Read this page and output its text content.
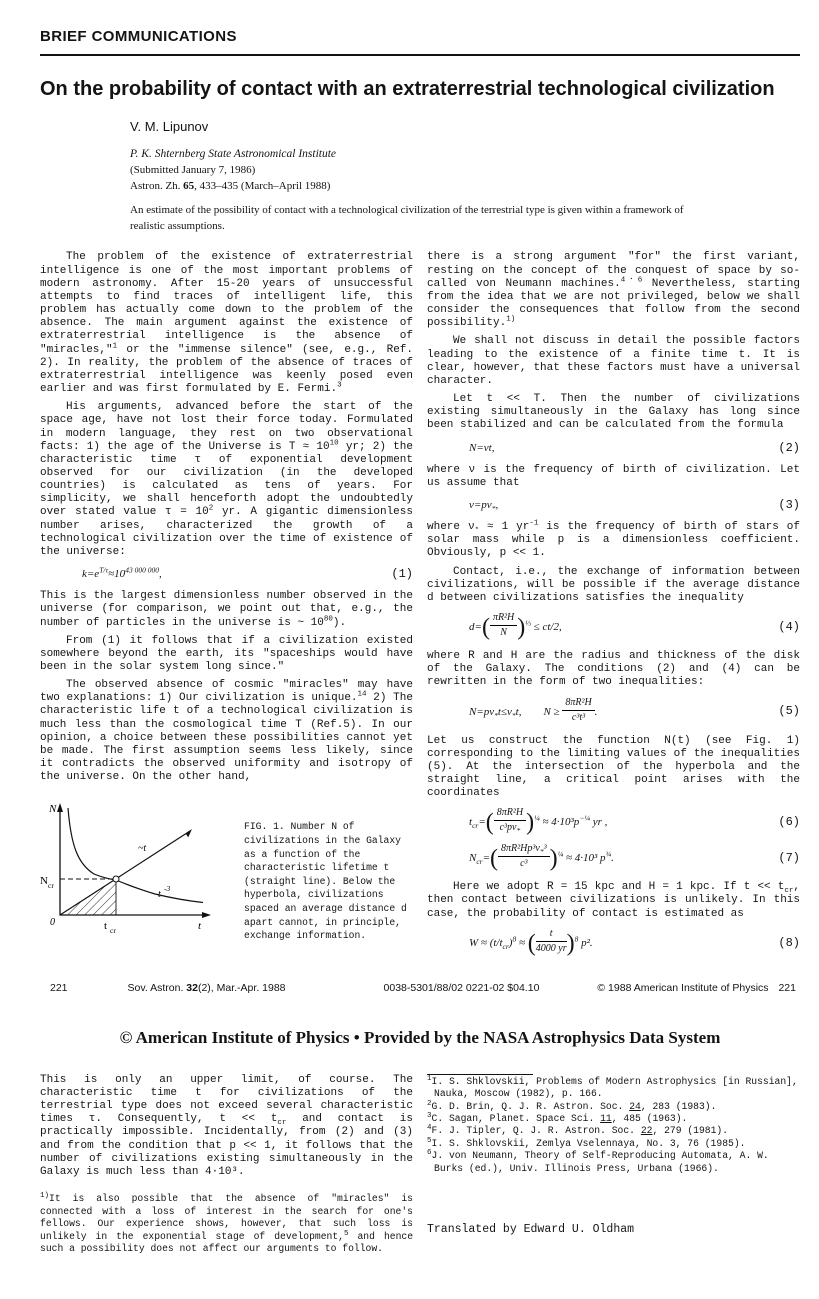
BRIEF COMMUNICATIONS
On the probability of contact with an extraterrestrial technological civilization
V. M. Lipunov
P. K. Shternberg State Astronomical Institute
(Submitted January 7, 1986)
Astron. Zh. 65, 433–435 (March–April 1988)
An estimate of the possibility of contact with a technological civilization of the terrestrial type is given within a framework of realistic assumptions.

The problem of the existence of extraterrestrial intelligence is one of the most important problems of modern astronomy. After 15-20 years of unsuccessful attempts to find traces of intelligent life, this problem has actually come down to the problem of the absence. The main argument against the existence of extraterrestrial intelligence is the absence of "miracles,"$^1$ or the "immense silence" (see, e.g., Ref. 2). In reality, the problem of the absence of traces of extraterrestrial intelligence was keenly posed even earlier and was first formulated by E. Fermi.$^3$

His arguments, advanced before the start of the space age, have not lost their force today. Formulated in modern language, they rest on two observational facts: 1) the age of the Universe is $T \approx 10^{10}$ yr; 2) the characteristic time τ of exponential development observed for our civilization (in the developed countries) is calculated as tens of years. For simplicity, we shall henceforth adopt the undoubtedly over stated value $\tau = 10^2$ yr. A gigantic dimensionless number arises, characterized the growth of a technological civilization over the time of existence of the universe:

$k=e^{T/\tau}\approx 10^{43 000 000}$,	(1)

This is the largest dimensionless number observed in the universe (for comparison, we point out that, e.g., the number of particles in the universe is ~ $10^{80}$).

From (1) it follows that if a civilization existed somewhere beyond the earth, its "spaceships would have been in the solar system long since."

The observed absence of cosmic "miracles" may have two explanations: 1) Our civilization is unique.$^{14}$ 2) The characteristic life t of a technological civilization is much less than the cosmological time T (Ref.5). In our opinion, a choice between these possibilities cannot yet be made. The first assumption seems less likely, since it contradicts the observed uniformity and isotropy of the universe. On the other hand,

N
t
0
N cr
t cr
~t
t
-3
FIG. 1. Number N of civilizations in the Galaxy as a function of the characteristic lifetime t (straight line). Below the hyperbola, civilizations spaced an average distance d apart cannot, in principle, exchange information.

there is a strong argument "for" the first variant, resting on the concept of the conquest of space by so-called von Neumann machines.$^4$˙$^6$ Nevertheless, starting from the idea that we are not privileged, below we shall consider the consequences that follow from the second possibility.$^{1)}$

We shall not discuss in detail the possible factors leading to the existence of a finite time t. It is clear, however, that these factors must have a universal character.

Let t << T. Then the number of civilizations existing simultaneously in the Galaxy has long since been stabilized and can be calculated from the formula

N=νt,	(2)

where ν is the frequency of birth of civilization. Let us assume that

$\nu=p\nu_*$,	(3)

where $\nu_* \approx 1$ $yr^{-1}$ is the frequency of birth of stars of solar mass while p is a dimensionless coefficient. Obviously, p << 1.

Contact, i.e., the exchange of information between civilizations, will be possible if the average distance d between civilizations satisfies the inequality

$d=( \frac{\text{πR²H}}{N} )^{\frac{1}{3}} \le ct/2$,	(4)

where R and H are the radius and thickness of the disk of the Galaxy. The conditions (2) and (4) can be rewritten in the form of two inequalities:

$N=p\nu_*t\le\nu_*t$,  $N \ge \frac{\text{8πR²H}}{\text{c³t³}}$ .	(5)

Let us construct the function N(t) (see Fig. 1) corresponding to the limiting values of the inequalities (5). At the intersection of the hyperbola and the straight line, a critical point arises with the coordinates

$t_{cr}=( \frac{\text{8πR²H}}{c^3p\nu_*} )^{\frac{1}{4}} \approx 4\cdot 10^3p^{-\frac{1}{4}}$ yr ,	(6)
$N_{cr}=( \frac{8\pi R^2Hp^3\nu_*^3}{\text{c³}} )^{\frac{1}{4}} \approx 4\cdot 10^3$ $p^{\frac{3}{4}}$.	(7)

Here we adopt R = 15 kpc and H = 1 kpc. If $t << t_{cr}$, then contact between civilizations is unlikely. In this case, the probability of contact is estimated as

$W \approx (t/t_{cr})^8$ ≈ ( $\frac{t}{4000 yr} )^8$ p².	(8)
221	Sov. Astron. 32(2), Mar.-Apr. 1988	0038-5301/88/02 0221-02 $04.10	© 1988 American Institute of Physics 221
© American Institute of Physics • Provided by the NASA Astrophysics Data System

This is only an upper limit, of course. The characteristic time t for civilizations of the terrestrial type does not exceed several characteristic times τ. Consequently, $t << t_{cr}$ and contact is practically impossible. Incidentally, from (2) and (3) and from the condition that p << 1, it follows that the number of civilizations existing simultaneously in the Galaxy is much less than 4·10³.

$^{1)}$It is also possible that the absence of "miracles" is connected with a loss of interest in the search for one's fellows. Our experience shows, however, that such loss is unlikely in the exponential stage of development,$^5$ and hence such a possibility does not affect our arguments to follow.

$^1$I. S. Shklovskii, Problems of Modern Astrophysics [in Russian], Nauka, Moscow (1982), p. 166.

$^2$G. D. Brin, Q. J. R. Astron. Soc. 24, 283 (1983).

$^3$C. Sagan, Planet. Space Sci. 11, 485 (1963).

$^4$F. J. Tipler, Q. J. R. Astron. Soc. 22, 279 (1981).

$^5$I. S. Shklovskii, Zemlya Vselennaya, No. 3, 76 (1985).

$^6$J. von Neumann, Theory of Self-Reproducing Automata, A. W. Burks (ed.), Univ. Illinois Press, Urbana (1966).

Translated by Edward U. Oldham
